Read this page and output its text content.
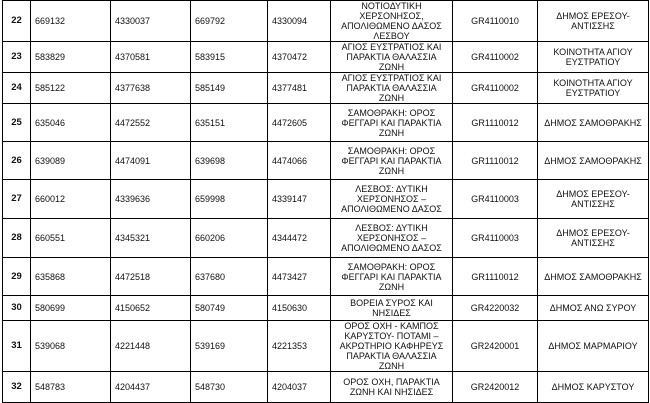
22	669132	4330037	669792	4330094	ΝΟΤΙΟΔΥΤΙΚΗ ΧΕΡΣΟΝΗΣΟΣ, ΑΠΟΛΙΘΩΜΕΝΟ ΔΑΣΟΣ ΛΕΣΒΟΥ	GR4110010	ΔΗΜΟΣ ΕΡΕΣΟΥ-ΑΝΤΙΣΣΗΣ
23	583829	4370581	583915	4370472	ΑΓΙΟΣ ΕΥΣΤΡΑΤΙΟΣ ΚΑΙ ΠΑΡΑΚΤΙΑ ΘΑΛΑΣΣΙΑ ΖΩΝΗ	GR4110002	ΚΟΙΝΟΤΗΤΑ ΑΓΙΟΥ ΕΥΣΤΡΑΤΙΟΥ
24	585122	4377638	585149	4377481	ΑΓΙΟΣ ΕΥΣΤΡΑΤΙΟΣ ΚΑΙ ΠΑΡΑΚΤΙΑ ΘΑΛΑΣΣΙΑ ΖΩΝΗ	GR4110002	ΚΟΙΝΟΤΗΤΑ ΑΓΙΟΥ ΕΥΣΤΡΑΤΙΟΥ
25	635046	4472552	635151	4472605	ΣΑΜΟΘΡΑΚΗ: ΟΡΟΣ ΦΕΓΓΑΡΙ ΚΑΙ ΠΑΡΑΚΤΙΑ ΖΩΝΗ	GR1110012	ΔΗΜΟΣ ΣΑΜΟΘΡΑΚΗΣ
26	639089	4474091	639698	4474066	ΣΑΜΟΘΡΑΚΗ: ΟΡΟΣ ΦΕΓΓΑΡΙ ΚΑΙ ΠΑΡΑΚΤΙΑ ΖΩΝΗ	GR1110012	ΔΗΜΟΣ ΣΑΜΟΘΡΑΚΗΣ
27	660012	4339636	659998	4339147	ΛΕΣΒΟΣ: ΔΥΤΙΚΗ ΧΕΡΣΟΝΗΣΟΣ – ΑΠΟΛΙΘΩΜΕΝΟ ΔΑΣΟΣ	GR4110003	ΔΗΜΟΣ ΕΡΕΣΟΥ-ΑΝΤΙΣΣΗΣ
28	660551	4345321	660206	4344472	ΛΕΣΒΟΣ: ΔΥΤΙΚΗ ΧΕΡΣΟΝΗΣΟΣ – ΑΠΟΛΙΘΩΜΕΝΟ ΔΑΣΟΣ	GR4110003	ΔΗΜΟΣ ΕΡΕΣΟΥ-ΑΝΤΙΣΣΗΣ
29	635868	4472518	637680	4473427	ΣΑΜΟΘΡΑΚΗ: ΟΡΟΣ ΦΕΓΓΑΡΙ ΚΑΙ ΠΑΡΑΚΤΙΑ ΖΩΝΗ	GR1110012	ΔΗΜΟΣ ΣΑΜΟΘΡΑΚΗΣ
30	580699	4150652	580749	4150630	ΒΟΡΕΙΑ ΣΥΡΟΣ ΚΑΙ ΝΗΣΙΔΕΣ	GR4220032	ΔΗΜΟΣ ΑΝΩ ΣΥΡΟΥ
31	539068	4221448	539169	4221353	ΟΡΟΣ ΟΧΗ - ΚΑΜΠΟΣ ΚΑΡΥΣΤΟΥ- ΠΟΤΑΜΙ – ΑΚΡΩΤΗΡΙΟ ΚΑΦΗΡΕΥΣ ΠΑΡΑΚΤΙΑ ΘΑΛΑΣΣΙΑ ΖΩΝΗ	GR2420001	ΔΗΜΟΣ ΜΑΡΜΑΡΙΟΥ
32	548783	4204437	548730	4204037	ΟΡΟΣ ΟΧΗ, ΠΑΡΑΚΤΙΑ ΖΩΝΗ ΚΑΙ ΝΗΣΙΔΕΣ	GR2420012	ΔΗΜΟΣ ΚΑΡΥΣΤΟΥ
